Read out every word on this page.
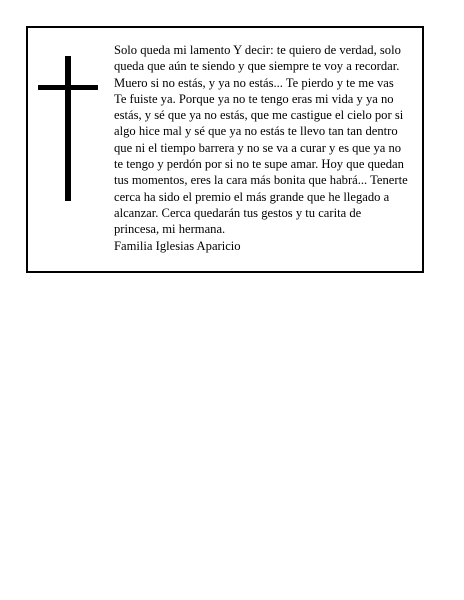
Solo queda mi lamento Y decir: te quiero de verdad, solo queda que aún te siendo y que siempre te voy a recordar. Muero si no estás, y ya no estás... Te pierdo y te me vas Te fuiste ya. Porque ya no te tengo eras mi vida y ya no estás, y sé que ya no estás, que me castigue el cielo por si algo hice mal y sé que ya no estás te llevo tan tan dentro que ni el tiempo barrera y no se va a curar y es que ya no te tengo y perdón por si no te supe amar. Hoy que quedan tus momentos, eres la cara más bonita que habrá... Tenerte cerca ha sido el premio el más grande que he llegado a alcanzar. Cerca quedarán tus gestos y tu carita de princesa, mi hermana.
Familia Iglesias Aparicio
